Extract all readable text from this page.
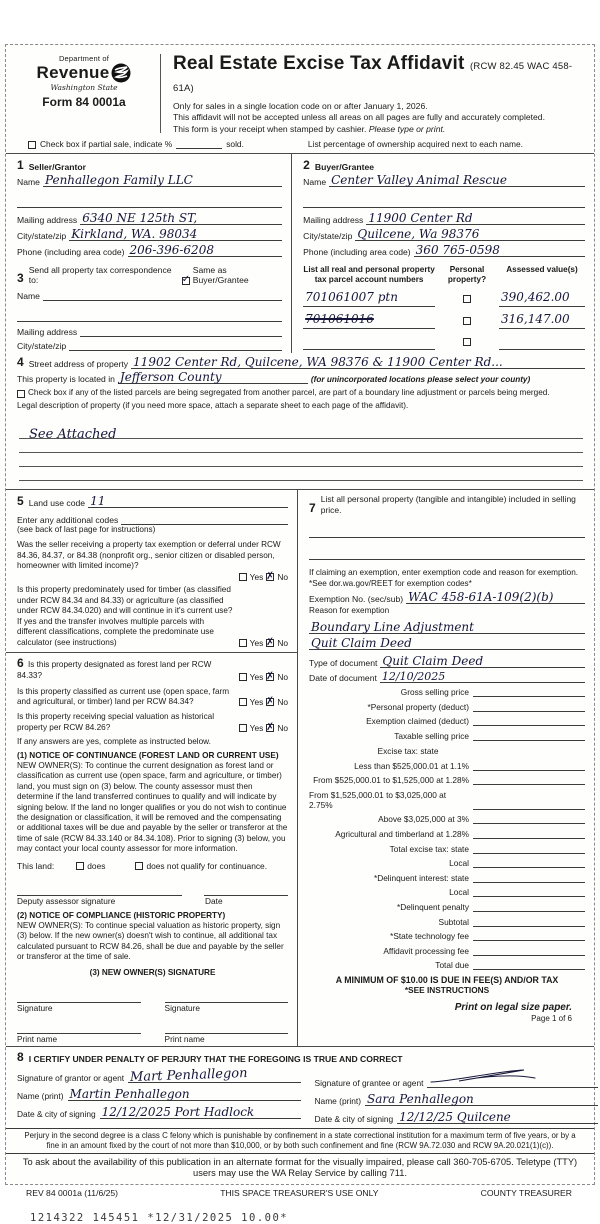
Department of
Revenue
Washington State
Form 84 0001a
Real Estate Excise Tax Affidavit (RCW 82.45 WAC 458-61A)
Only for sales in a single location code on or after January 1, 2026.
This affidavit will not be accepted unless all areas on all pages are fully and accurately completed.
This form is your receipt when stamped by cashier. Please type or print.
Check box if partial sale, indicate %	sold.	List percentage of ownership acquired next to each name.
1 Seller/Grantor
Name Penhallegon Family LLC
Mailing address 6340 NE 125th ST,
City/state/zip Kirkland, WA. 98034
Phone (including area code) 206-396-6208
2 Buyer/Grantee
Name Center Valley Animal Rescue
Mailing address 11900 Center Rd
City/state/zip Quilcene, Wa 98376
Phone (including area code) 360 765-0598
3
Send all property tax correspondence to:
✓
Same as Buyer/Grantee
Name
Mailing address
City/state/zip
List all real and personal property tax parcel account numbers
Personal property?
Assessed value(s)
701061007 ptn	390,462.00
701061016	316,147.00
4 Street address of property 11902 Center Rd, Quilcene, WA 98376 & 11900 Center Rd...
This property is located in Jefferson County	(for unincorporated locations please select your county)
Check box if any of the listed parcels are being segregated from another parcel, are part of a boundary line adjustment or parcels being merged.
Legal description of property (if you need more space, attach a separate sheet to each page of the affidavit).
See Attached
5 Land use code 11
Enter any additional codes
(see back of last page for instructions)
Was the seller receiving a property tax exemption or deferral under RCW 84.36, 84.37, or 84.38 (nonprofit org., senior citizen or disabled person, homeowner with limited income)?
Yes ✗ No
Is this property predominately used for timber (as classified under RCW 84.34 and 84.33) or agriculture (as classified under RCW 84.34.020) and will continue in it's current use? If yes and the transfer involves multiple parcels with different classifications, complete the predominate use calculator (see instructions)	Yes ✗ No
6 Is this property designated as forest land per RCW 84.33?	Yes ✗ No
Is this property classified as current use (open space, farm and agricultural, or timber) land per RCW 84.34?	Yes ✗ No
Is this property receiving special valuation as historical property per RCW 84.26?	Yes ✗ No
If any answers are yes, complete as instructed below.
(1) NOTICE OF CONTINUANCE (FOREST LAND OR CURRENT USE)
NEW OWNER(S): To continue the current designation as forest land or classification as current use (open space, farm and agriculture, or timber) land, you must sign on (3) below. The county assessor must then determine if the land transferred continues to qualify and will indicate by signing below. If the land no longer qualifies or you do not wish to continue the designation or classification, it will be removed and the compensating or additional taxes will be due and payable by the seller or transferor at the time of sale (RCW 84.33.140 or 84.34.108). Prior to signing (3) below, you may contact your local county assessor for more information.
This land:	does	does not qualify for continuance.
Deputy assessor signature	Date
(2) NOTICE OF COMPLIANCE (HISTORIC PROPERTY)
NEW OWNER(S): To continue special valuation as historic property, sign (3) below. If the new owner(s) doesn't wish to continue, all additional tax calculated pursuant to RCW 84.26, shall be due and payable by the seller or transferor at the time of sale.
(3) NEW OWNER(S) SIGNATURE
Signature	Signature
Print name	Print name
7
List all personal property (tangible and intangible) included in selling price.
If claiming an exemption, enter exemption code and reason for exemption. *See dor.wa.gov/REET for exemption codes*
Exemption No. (sec/sub) WAC 458-61A-109(2)(b)
Reason for exemption
Boundary Line Adjustment
Quit Claim Deed
Type of document Quit Claim Deed
Date of document 12/10/2025
Gross selling price
*Personal property (deduct)
Exemption claimed (deduct)
Taxable selling price
Excise tax: state
Less than $525,000.01 at 1.1%
From $525,000.01 to $1,525,000 at 1.28%
From $1,525,000.01 to $3,025,000 at 2.75%
Above $3,025,000 at 3%
Agricultural and timberland at 1.28%
Total excise tax: state
Local
*Delinquent interest: state
Local
*Delinquent penalty
Subtotal
*State technology fee
Affidavit processing fee
Total due
A MINIMUM OF $10.00 IS DUE IN FEE(S) AND/OR TAX
*SEE INSTRUCTIONS
8 I CERTIFY UNDER PENALTY OF PERJURY THAT THE FOREGOING IS TRUE AND CORRECT
Signature of grantor or agent Mart Penhallegon
Name (print) Martin Penhallegon
Date & city of signing 12/12/2025 Port Hadlock
Signature of grantee or agent
Name (print) Sara Penhallegon
Date & city of signing 12/12/25 Quilcene
Perjury in the second degree is a class C felony which is punishable by confinement in a state correctional institution for a maximum term of five years, or by a fine in an amount fixed by the court of not more than $10,000, or by both such confinement and fine (RCW 9A.72.030 and RCW 9A.20.021(1)(c)).
To ask about the availability of this publication in an alternate format for the visually impaired, please call 360-705-6705. Teletype (TTY) users may use the WA Relay Service by calling 711.
REV 84 0001a (11/6/25)	THIS SPACE TREASURER'S USE ONLY	COUNTY TREASURER
1214322 145451 *12/31/2025 10.00*
Print on legal size paper.
Page 1 of 6
